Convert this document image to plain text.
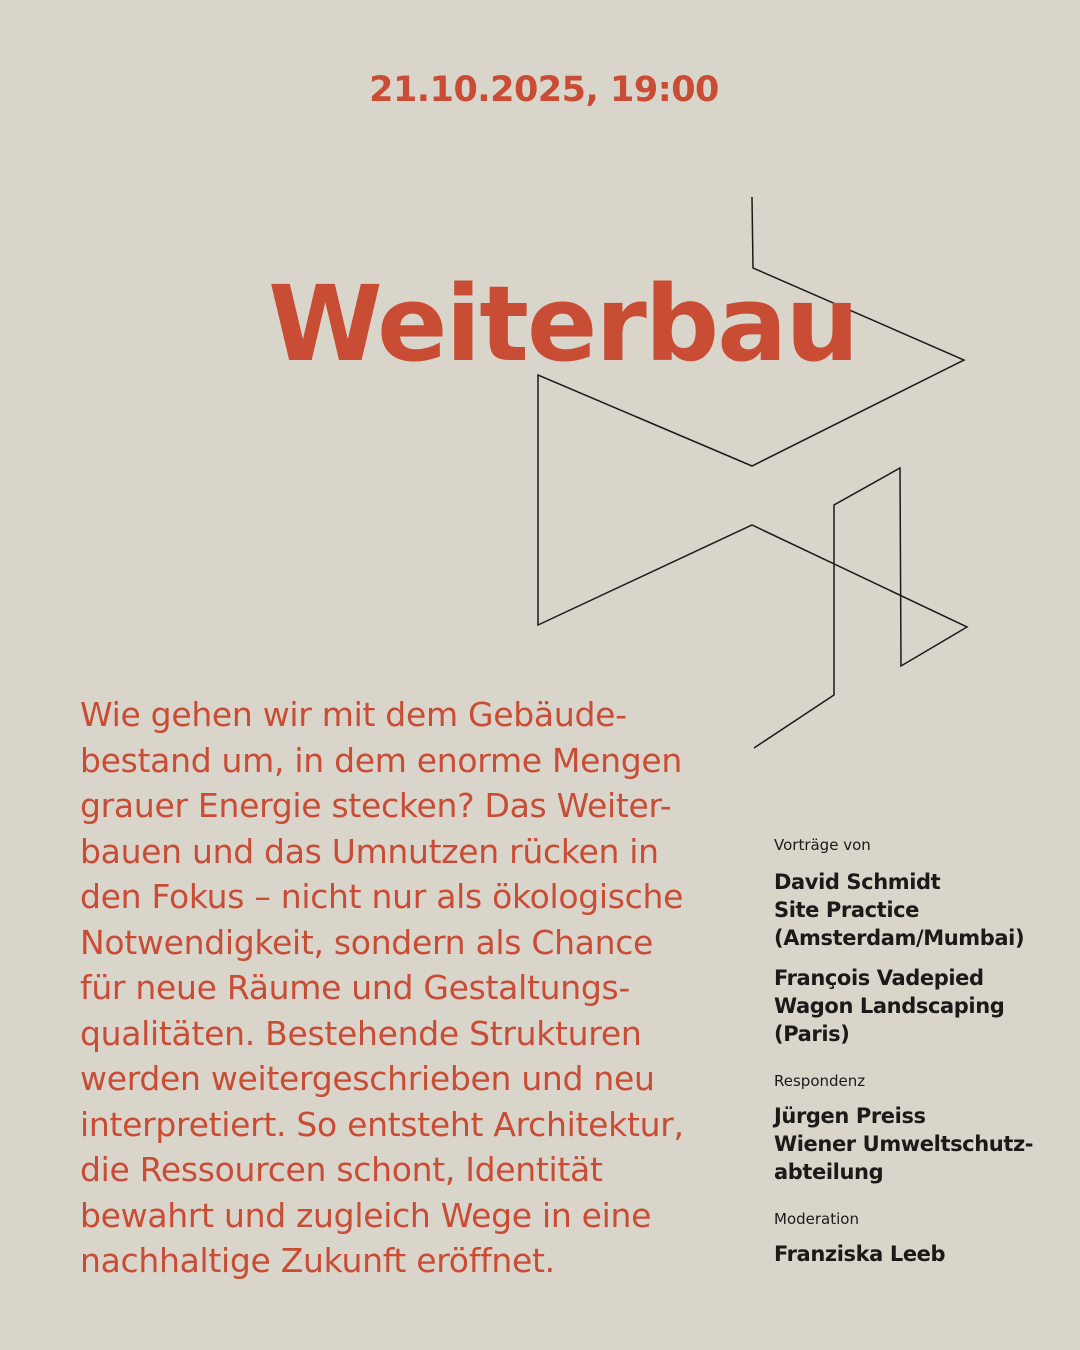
21.10.2025, 19:00
Weiterbau

Wie gehen wir mit dem Gebäude-
bestand um, in dem enorme Mengen
grauer Energie stecken? Das Weiter-
bauen und das Umnutzen rücken in
den Fokus – nicht nur als ökologische
Notwendigkeit, sondern als Chance
für neue Räume und Gestaltungs-
qualitäten. Bestehende Strukturen
werden weitergeschrieben und neu
interpretiert. So entsteht Architektur,
die Ressourcen schont, Identität
bewahrt und zugleich Wege in eine
nachhaltige Zukunft eröffnet.

Vorträge von

David Schmidt
Site Practice
(Amsterdam/Mumbai)
François Vadepied
Wagon Landscaping
(Paris)

Respondenz

Jürgen Preiss
Wiener Umweltschutz-
abteilung

Moderation

Franziska Leeb
